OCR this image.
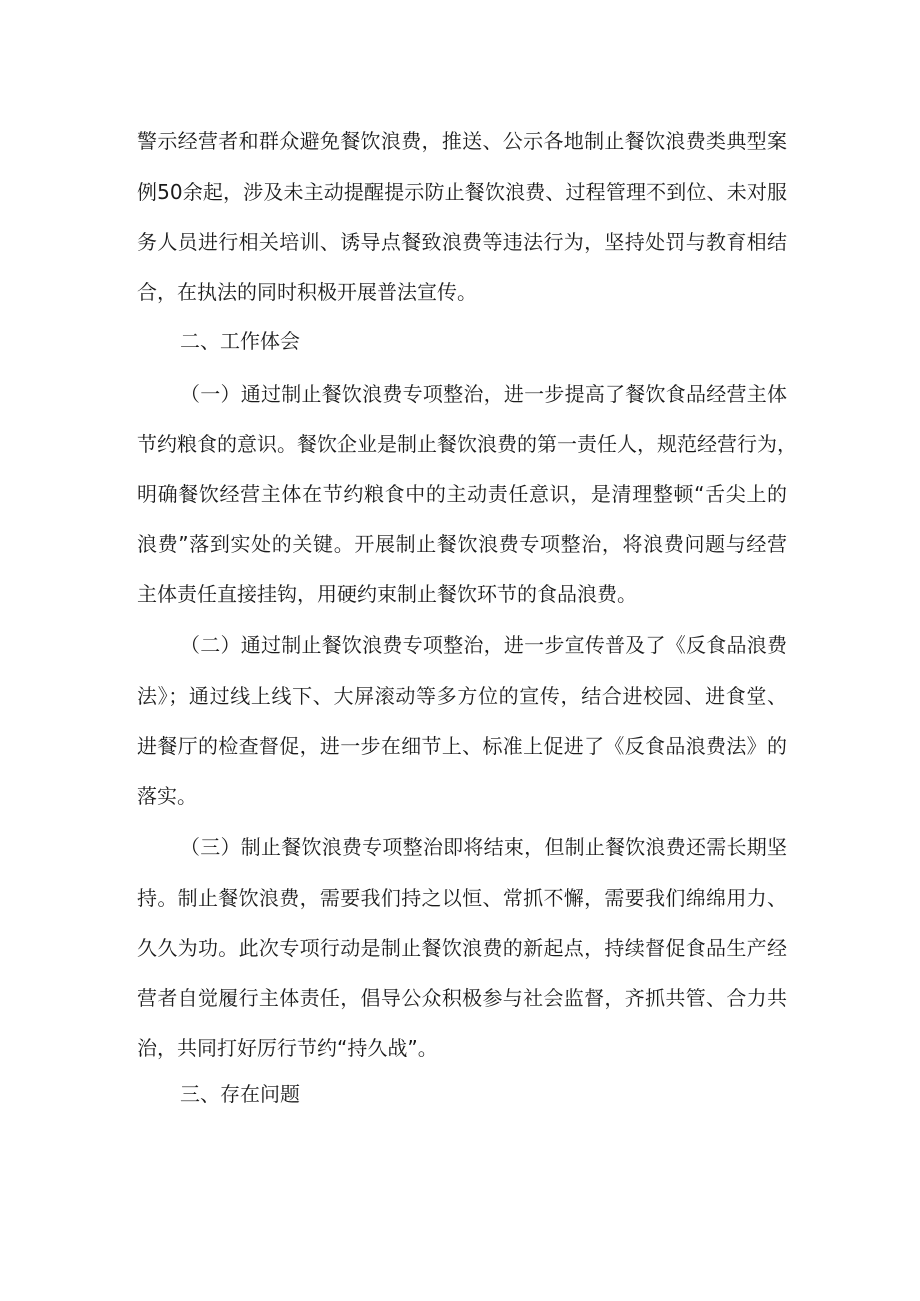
警示经营者和群众避免餐饮浪费，推送、公示各地制止餐饮浪费类典型案
例50余起，涉及未主动提醒提示防止餐饮浪费、过程管理不到位、未对服
务人员进行相关培训、诱导点餐致浪费等违法行为，坚持处罚与教育相结
合，在执法的同时积极开展普法宣传。
二、工作体会
（一）通过制止餐饮浪费专项整治，进一步提高了餐饮食品经营主体
节约粮食的意识。餐饮企业是制止餐饮浪费的第一责任人，规范经营行为，
明确餐饮经营主体在节约粮食中的主动责任意识，是清理整顿“舌尖上的
浪费”落到实处的关键。开展制止餐饮浪费专项整治，将浪费问题与经营
主体责任直接挂钩，用硬约束制止餐饮环节的食品浪费。
（二）通过制止餐饮浪费专项整治，进一步宣传普及了《反食品浪费
法》；通过线上线下、大屏滚动等多方位的宣传，结合进校园、进食堂、
进餐厅的检查督促，进一步在细节上、标准上促进了《反食品浪费法》的
落实。
（三）制止餐饮浪费专项整治即将结束，但制止餐饮浪费还需长期坚
持。制止餐饮浪费，需要我们持之以恒、常抓不懈，需要我们绵绵用力、
久久为功。此次专项行动是制止餐饮浪费的新起点，持续督促食品生产经
营者自觉履行主体责任，倡导公众积极参与社会监督，齐抓共管、合力共
治，共同打好厉行节约“持久战”。
三、存在问题
